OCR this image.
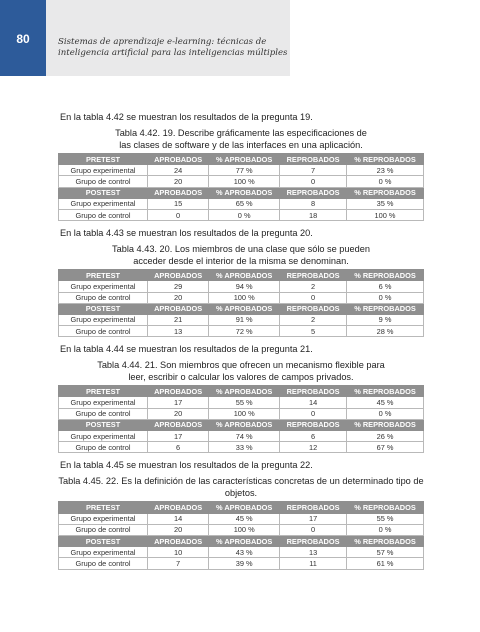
80	Sistemas de aprendizaje e-learning: técnicas de
inteligencia artificial para las inteligencias múltiples
En la tabla 4.42 se muestran los resultados de la pregunta 19.
Tabla 4.42. 19. Describe gráficamente las especificaciones de
las clases de software y de las interfaces en una aplicación.
PRETEST	APROBADOS	% APROBADOS	REPROBADOS	% REPROBADOS
Grupo experimental	24	77 %	7	23 %
Grupo de control	20	100 %	0	0 %
POSTEST	APROBADOS	% APROBADOS	REPROBADOS	% REPROBADOS
Grupo experimental	15	65 %	8	35 %
Grupo de control	0	0 %	18	100 %
En la tabla 4.43 se muestran los resultados de la pregunta 20.
Tabla 4.43. 20. Los miembros de una clase que sólo se pueden
acceder desde el interior de la misma se denominan.
PRETEST	APROBADOS	% APROBADOS	REPROBADOS	% REPROBADOS
Grupo experimental	29	94 %	2	6 %
Grupo de control	20	100 %	0	0 %
POSTEST	APROBADOS	% APROBADOS	REPROBADOS	% REPROBADOS
Grupo experimental	21	91 %	2	9 %
Grupo de control	13	72 %	5	28 %
En la tabla 4.44 se muestran los resultados de la pregunta 21.
Tabla 4.44. 21. Son miembros que ofrecen un mecanismo flexible para
leer, escribir o calcular los valores de campos privados.
PRETEST	APROBADOS	% APROBADOS	REPROBADOS	% REPROBADOS
Grupo experimental	17	55 %	14	45 %
Grupo de control	20	100 %	0	0 %
POSTEST	APROBADOS	% APROBADOS	REPROBADOS	% REPROBADOS
Grupo experimental	17	74 %	6	26 %
Grupo de control	6	33 %	12	67 %
En la tabla 4.45 se muestran los resultados de la pregunta 22.
Tabla 4.45. 22. Es la definición de las características concretas de un determinado tipo de objetos.
PRETEST	APROBADOS	% APROBADOS	REPROBADOS	% REPROBADOS
Grupo experimental	14	45 %	17	55 %
Grupo de control	20	100 %	0	0 %
POSTEST	APROBADOS	% APROBADOS	REPROBADOS	% REPROBADOS
Grupo experimental	10	43 %	13	57 %
Grupo de control	7	39 %	11	61 %
